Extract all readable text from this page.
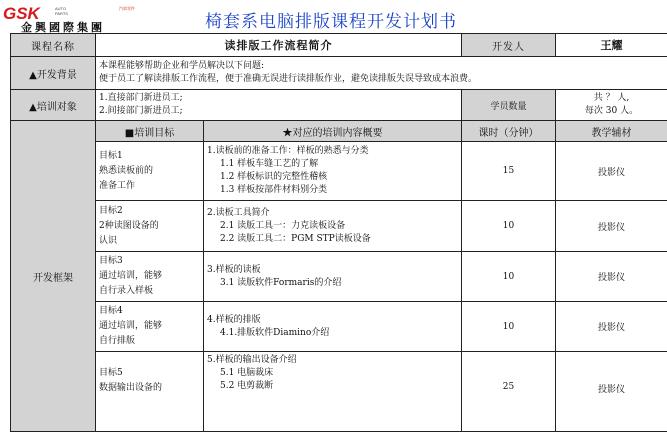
GSK	AUTO PARTS
汽車零件
金興國際集團	椅套系电脑排版课程开发计划书
课程名称	读排版工作流程简介		开发人	王耀
▲开发背景	本课程能够帮助企业和学员解决以下问题:
便于员工了解读排版工作流程，便于准确无误进行读排版作业，避免读排版失误导致成本浪费。			

▲培训对象	1.直接部门新进员工;
2.间接部门新进员工;		学员数量	共 ？ 人,
每次 30 人。

开发框架	■培训目标	★对应的培训内容概要	课时（分钟）	教学辅材

	目标1
熟悉读板前的
准备工作	1.读板前的准备工作：样板的熟悉与分类
1.1 样板车缝工艺的了解
1.2 样板标识的完整性稽核
1.3 样板按部件材料别分类	15	投影仪

	目标2
2种读图设备的
认识	2.读板工具简介
2.1 读版工具一：力克读板设备
2.2 读版工具二：PGM STP读板设备	10	投影仪

	目标3
通过培训，能够
自行录入样板	3.样板的读板
3.1 读版软件Formaris的介绍	10	投影仪

	目标4
通过培训，能够
自行排版	4.样板的排版
4.1.排版软件Diamino介绍	10	投影仪

	目标5
数据输出设备的	5.样板的输出设备介绍
5.1 电脑裁床
5.2 电剪裁断	25	投影仪
